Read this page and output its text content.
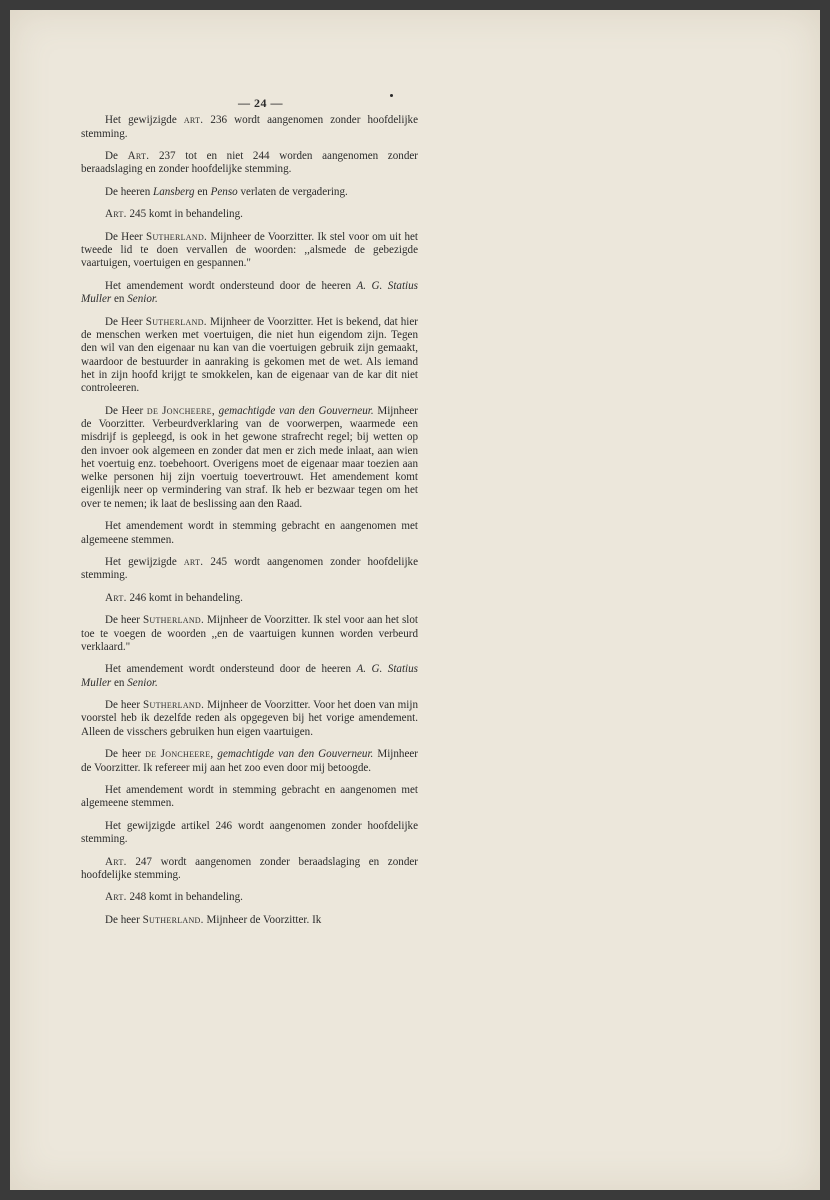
— 24 —

Het gewijzigde art. 236 wordt aangenomen zonder hoofdelijke stemming.

De Art. 237 tot en niet 244 worden aangenomen zonder beraadslaging en zonder hoofdelijke stemming.

De heeren Lansberg en Penso verlaten de vergadering.

Art. 245 komt in behandeling.

De Heer Sutherland. Mijnheer de Voorzitter. Ik stel voor om uit het tweede lid te doen vervallen de woorden: ,,alsmede de gebezigde vaartuigen, voertuigen en gespannen."

Het amendement wordt ondersteund door de heeren A. G. Statius Muller en Senior.

De Heer Sutherland. Mijnheer de Voorzitter. Het is bekend, dat hier de menschen werken met voertuigen, die niet hun eigendom zijn. Tegen den wil van den eigenaar nu kan van die voertuigen gebruik zijn gemaakt, waardoor de bestuurder in aanraking is gekomen met de wet. Als iemand het in zijn hoofd krijgt te smokkelen, kan de eigenaar van de kar dit niet controleeren.

De Heer de Joncheere, gemachtigde van den Gouverneur. Mijnheer de Voorzitter. Verbeurdverklaring van de voorwerpen, waarmede een misdrijf is gepleegd, is ook in het gewone strafrecht regel; bij wetten op den invoer ook algemeen en zonder dat men er zich mede inlaat, aan wien het voertuig enz. toebehoort. Overigens moet de eigenaar maar toezien aan welke personen hij zijn voertuig toevertrouwt. Het amendement komt eigenlijk neer op vermindering van straf. Ik heb er bezwaar tegen om het over te nemen; ik laat de beslissing aan den Raad.

Het amendement wordt in stemming gebracht en aangenomen met algemeene stemmen.

Het gewijzigde art. 245 wordt aangenomen zonder hoofdelijke stemming.

Art. 246 komt in behandeling.

De heer Sutherland. Mijnheer de Voorzitter. Ik stel voor aan het slot toe te voegen de woorden ,,en de vaartuigen kunnen worden verbeurd verklaard."

Het amendement wordt ondersteund door de heeren A. G. Statius Muller en Senior.

De heer Sutherland. Mijnheer de Voorzitter. Voor het doen van mijn voorstel heb ik dezelfde reden als opgegeven bij het vorige amendement. Alleen de visschers gebruiken hun eigen vaartuigen.

De heer de Joncheere, gemachtigde van den Gouverneur. Mijnheer de Voorzitter. Ik refereer mij aan het zoo even door mij betoogde.

Het amendement wordt in stemming gebracht en aangenomen met algemeene stemmen.

Het gewijzigde artikel 246 wordt aangenomen zonder hoofdelijke stemming.

Art. 247 wordt aangenomen zonder beraadslaging en zonder hoofdelijke stemming.

Art. 248 komt in behandeling.

De heer Sutherland. Mijnheer de Voorzitter. Ik
